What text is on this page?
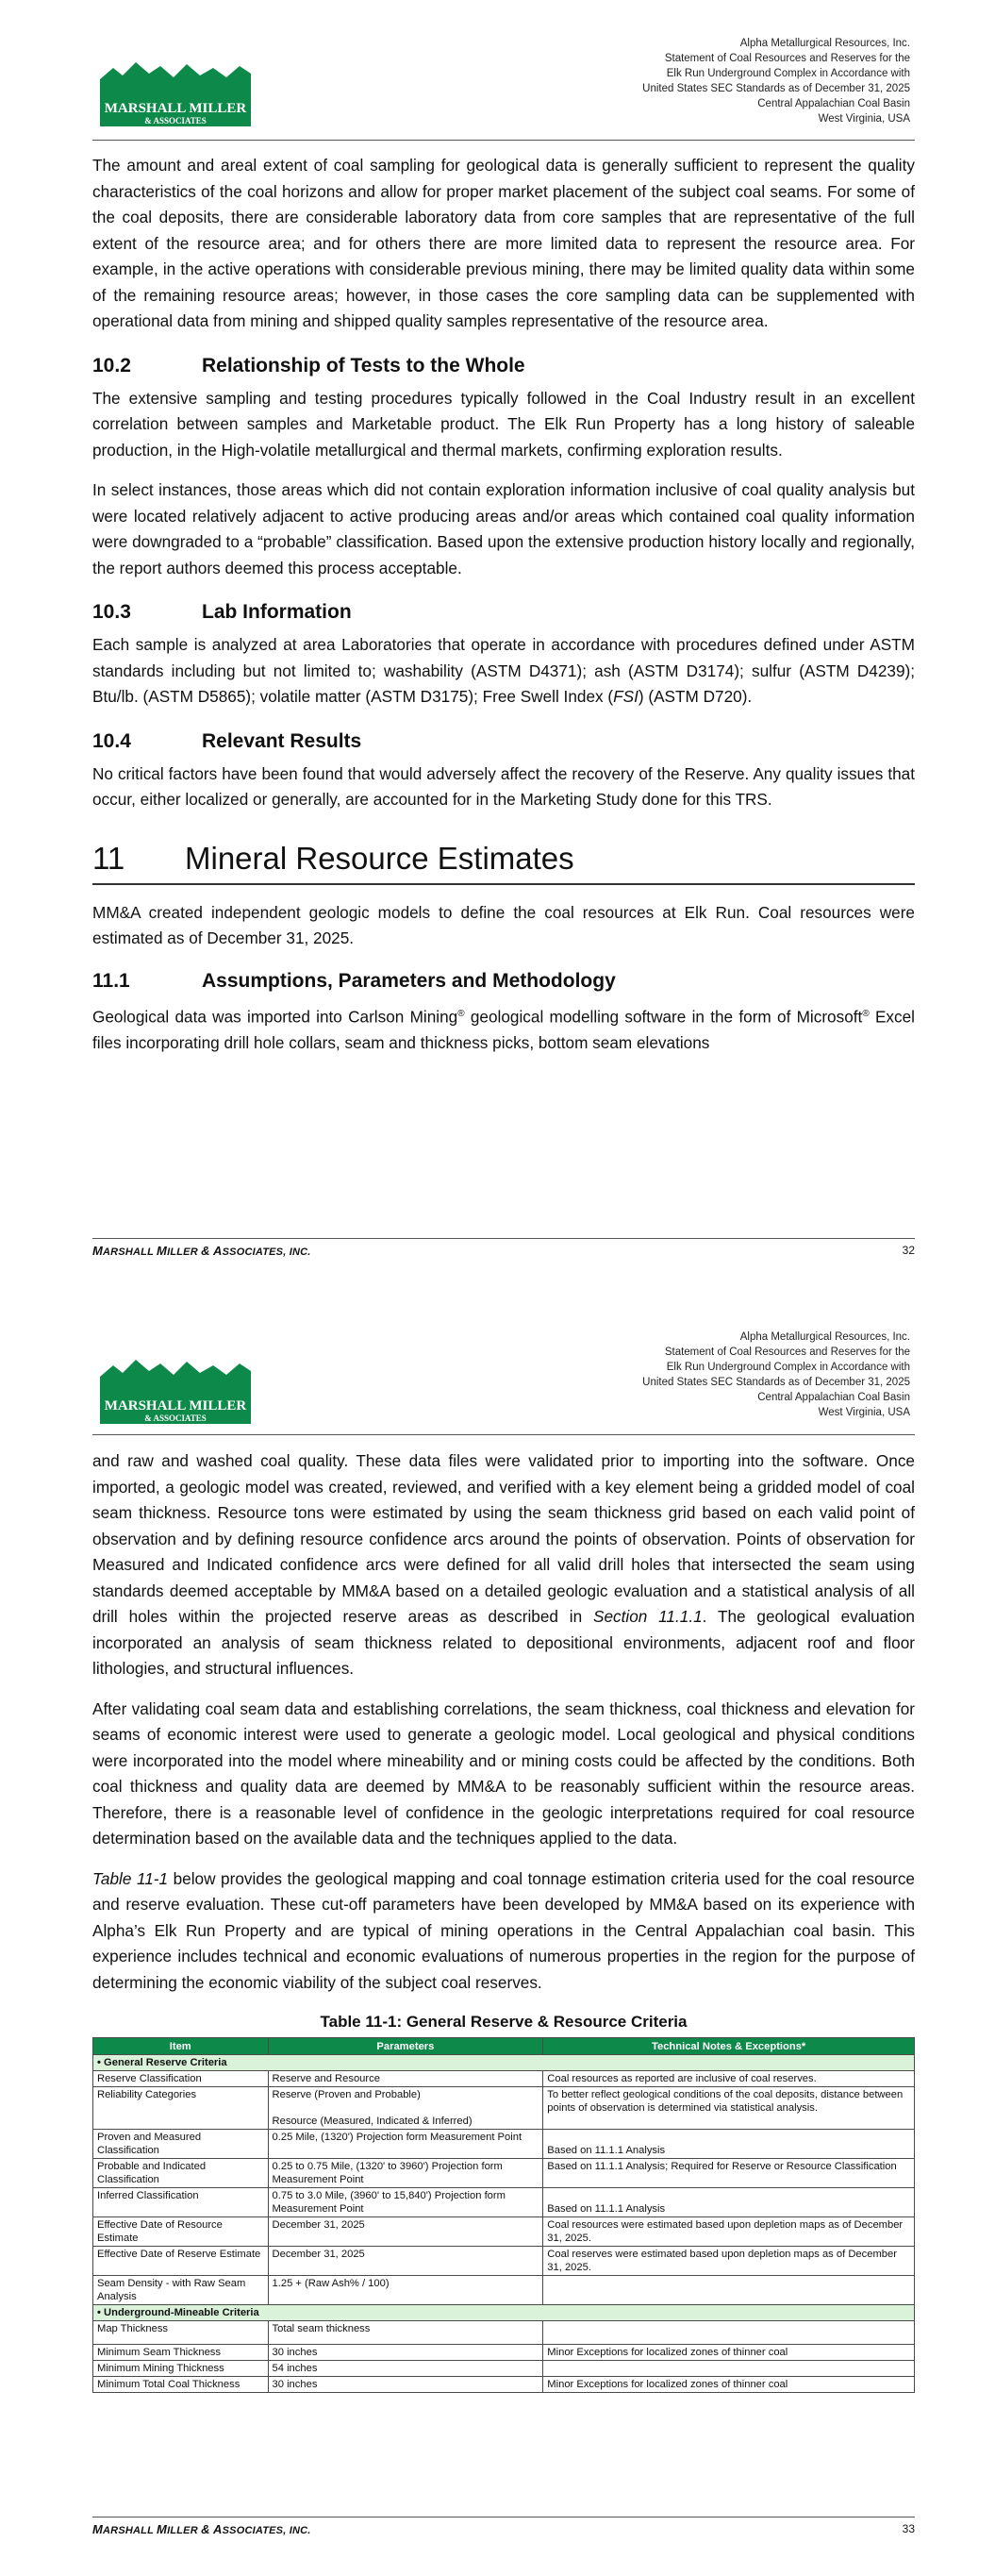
MARSHALL MILLER
& ASSOCIATES
Alpha Metallurgical Resources, Inc.
Statement of Coal Resources and Reserves for the
Elk Run Underground Complex in Accordance with
United States SEC Standards as of December 31, 2025
Central Appalachian Coal Basin
West Virginia, USA

The amount and areal extent of coal sampling for geological data is generally sufficient to represent the quality characteristics of the coal horizons and allow for proper market placement of the subject coal seams. For some of the coal deposits, there are considerable laboratory data from core samples that are representative of the full extent of the resource area; and for others there are more limited data to represent the resource area. For example, in the active operations with considerable previous mining, there may be limited quality data within some of the remaining resource areas; however, in those cases the core sampling data can be supplemented with operational data from mining and shipped quality samples representative of the resource area.

10.2	Relationship of Tests to the Whole

The extensive sampling and testing procedures typically followed in the Coal Industry result in an excellent correlation between samples and Marketable product. The Elk Run Property has a long history of saleable production, in the High-volatile metallurgical and thermal markets, confirming exploration results.

In select instances, those areas which did not contain exploration information inclusive of coal quality analysis but were located relatively adjacent to active producing areas and/or areas which contained coal quality information were downgraded to a “probable” classification. Based upon the extensive production history locally and regionally, the report authors deemed this process acceptable.

10.3	Lab Information

Each sample is analyzed at area Laboratories that operate in accordance with procedures defined under ASTM standards including but not limited to; washability (ASTM D4371); ash (ASTM D3174); sulfur (ASTM D4239); Btu/lb. (ASTM D5865); volatile matter (ASTM D3175); Free Swell Index (FSI) (ASTM D720).

10.4	Relevant Results

No critical factors have been found that would adversely affect the recovery of the Reserve. Any quality issues that occur, either localized or generally, are accounted for in the Marketing Study done for this TRS.

11 Mineral Resource Estimates

MM&A created independent geologic models to define the coal resources at Elk Run. Coal resources were estimated as of December 31, 2025.

11.1	Assumptions, Parameters and Methodology

Geological data was imported into Carlson Mining® geological modelling software in the form of Microsoft® Excel files incorporating drill hole collars, seam and thickness picks, bottom seam elevations

MARSHALL MILLER & ASSOCIATES, INC.	32
MARSHALL MILLER
& ASSOCIATES
Alpha Metallurgical Resources, Inc.
Statement of Coal Resources and Reserves for the
Elk Run Underground Complex in Accordance with
United States SEC Standards as of December 31, 2025
Central Appalachian Coal Basin
West Virginia, USA

and raw and washed coal quality. These data files were validated prior to importing into the software. Once imported, a geologic model was created, reviewed, and verified with a key element being a gridded model of coal seam thickness. Resource tons were estimated by using the seam thickness grid based on each valid point of observation and by defining resource confidence arcs around the points of observation. Points of observation for Measured and Indicated confidence arcs were defined for all valid drill holes that intersected the seam using standards deemed acceptable by MM&A based on a detailed geologic evaluation and a statistical analysis of all drill holes within the projected reserve areas as described in Section 11.1.1. The geological evaluation incorporated an analysis of seam thickness related to depositional environments, adjacent roof and floor lithologies, and structural influences.

After validating coal seam data and establishing correlations, the seam thickness, coal thickness and elevation for seams of economic interest were used to generate a geologic model. Local geological and physical conditions were incorporated into the model where mineability and or mining costs could be affected by the conditions. Both coal thickness and quality data are deemed by MM&A to be reasonably sufficient within the resource areas. Therefore, there is a reasonable level of confidence in the geologic interpretations required for coal resource determination based on the available data and the techniques applied to the data.

Table 11-1 below provides the geological mapping and coal tonnage estimation criteria used for the coal resource and reserve evaluation. These cut-off parameters have been developed by MM&A based on its experience with Alpha’s Elk Run Property and are typical of mining operations in the Central Appalachian coal basin. This experience includes technical and economic evaluations of numerous properties in the region for the purpose of determining the economic viability of the subject coal reserves.

Table 11-1: General Reserve & Resource Criteria

Item	Parameters	Technical Notes & Exceptions*
• General Reserve Criteria		
Reserve Classification	Reserve and Resource	Coal resources as reported are inclusive of coal reserves.
Reliability Categories	Reserve (Proven and Probable)
Resource (Measured, Indicated & Inferred)	To better reflect geological conditions of the coal deposits, distance between points of observation is determined via statistical analysis.
Proven and Measured Classification	0.25 Mile, (1320') Projection form Measurement Point	Based on 11.1.1 Analysis

Probable and Indicated Classification	0.25 to 0.75 Mile, (1320' to 3960') Projection form Measurement Point	Based on 11.1.1 Analysis; Required for Reserve or Resource Classification
Inferred Classification	0.75 to 3.0 Mile, (3960' to 15,840') Projection form Measurement Point	Based on 11.1.1 Analysis

Effective Date of Resource Estimate	December 31, 2025	Coal resources were estimated based upon depletion maps as of December 31, 2025.
Effective Date of Reserve Estimate	December 31, 2025	Coal reserves were estimated based upon depletion maps as of December 31, 2025.
Seam Density - with Raw Seam Analysis	1.25 + (Raw Ash% / 100)	
• Underground-Mineable Criteria		
Map Thickness	Total seam thickness	
Minimum Seam Thickness	30 inches	Minor Exceptions for localized zones of thinner coal
Minimum Mining Thickness	54 inches	
Minimum Total Coal Thickness	30 inches	Minor Exceptions for localized zones of thinner coal
MARSHALL MILLER & ASSOCIATES, INC.	33
